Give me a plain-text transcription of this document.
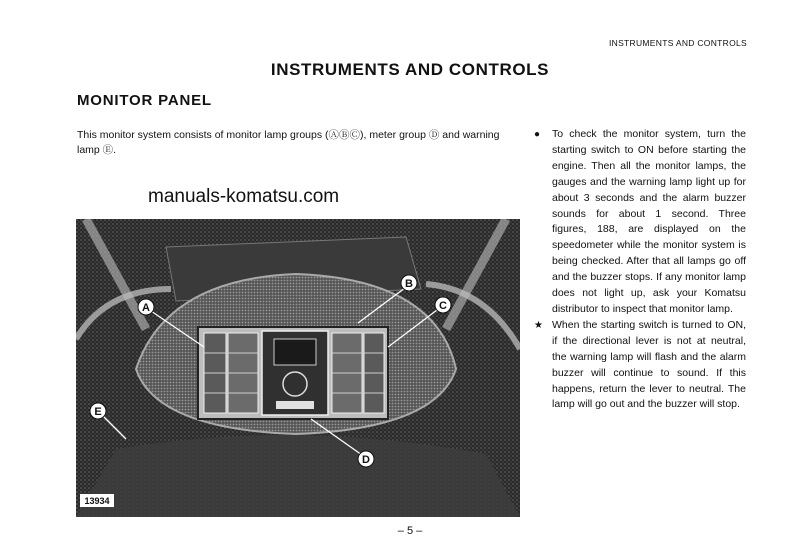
INSTRUMENTS AND CONTROLS
INSTRUMENTS AND CONTROLS
MONITOR PANEL
This monitor system consists of monitor lamp groups (ⒶⒷⒸ), meter group Ⓓ and warning lamp Ⓔ.
A
B
C
D
E
13934
manuals-komatsu.com
●	To check the monitor system, turn the starting switch to ON before starting the engine. Then all the monitor lamps, the gauges and the warning lamp light up for about 3 seconds and the alarm buzzer sounds for about 1 second. Three figures, 188, are displayed on the speedometer while the monitor system is being checked. After that all lamps go off and the buzzer stops. If any monitor lamp does not light up, ask your Komatsu distributor to inspect that monitor lamp.
★ When the starting switch is turned to ON, if the directional lever is not at neutral, the warning lamp will flash and the alarm buzzer will continue to sound. If this happens, return the lever to neutral. The lamp will go out and the buzzer will stop.
– 5 –
